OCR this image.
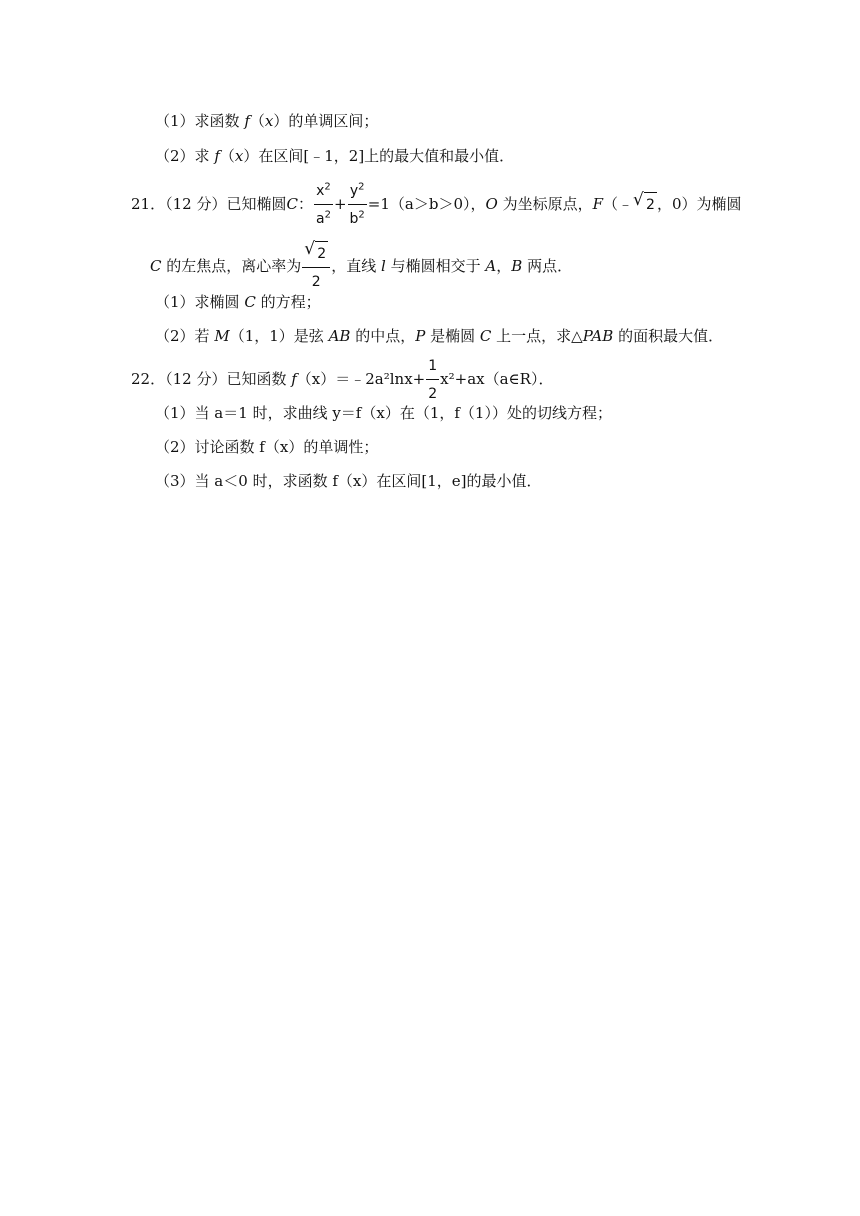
（1）求函数 f（x）的单调区间；
（2）求 f（x）在区间[﹣1，2]上的最大值和最小值．
21．（12 分）已知椭圆C： $\frac{x^2}{a^2} + \frac{y^2}{b^2} =1(a>b>0)$，O 为坐标原点，F（﹣ √ 2 ，0）为椭圆
C 的左焦点，离心率为 $\frac{√ 2}{2}$ ，直线 l 与椭圆相交于 A，B 两点．
（1）求椭圆 C 的方程；
（2）若 M（1，1）是弦 AB 的中点，P 是椭圆 C 上一点，求△PAB 的面积最大值．
22．（12 分）已知函数 f（x）＝﹣2a²lnx+ $\frac{1}{2}$ x²+ax（a∈R）．
（1）当 a＝1 时，求曲线 y＝f（x）在（1，f（1））处的切线方程；
（2）讨论函数 f（x）的单调性；
（3）当 a＜0 时，求函数 f（x）在区间[1，e]的最小值．
